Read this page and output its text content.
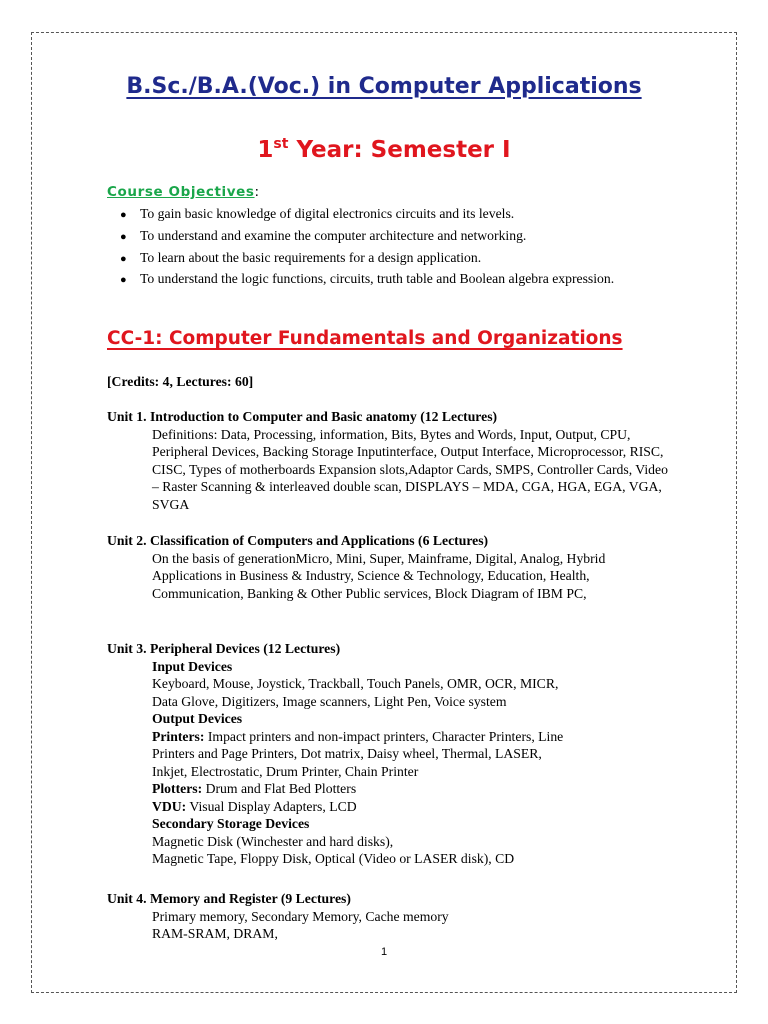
B.Sc./B.A.(Voc.) in Computer Applications
1st Year: Semester I
Course Objectives:
● To gain basic knowledge of digital electronics circuits and its levels.
● To understand and examine the computer architecture and networking.
● To learn about the basic requirements for a design application.
● To understand the logic functions, circuits, truth table and Boolean algebra expression.
CC-1: Computer Fundamentals and Organizations
[Credits: 4, Lectures: 60]
Unit 1. Introduction to Computer and Basic anatomy (12 Lectures)
Definitions: Data, Processing, information, Bits, Bytes and Words, Input, Output, CPU,
Peripheral Devices, Backing Storage Inputinterface, Output Interface, Microprocessor, RISC,
CISC, Types of motherboards Expansion slots,Adaptor Cards, SMPS, Controller Cards, Video
– Raster Scanning & interleaved double scan, DISPLAYS – MDA, CGA, HGA, EGA, VGA,
SVGA
Unit 2. Classification of Computers and Applications (6 Lectures)
On the basis of generationMicro, Mini, Super, Mainframe, Digital, Analog, Hybrid
Applications in Business & Industry, Science & Technology, Education, Health,
Communication, Banking & Other Public services, Block Diagram of IBM PC,
Unit 3. Peripheral Devices (12 Lectures)
Input Devices
Keyboard, Mouse, Joystick, Trackball, Touch Panels, OMR, OCR, MICR,
Data Glove, Digitizers, Image scanners, Light Pen, Voice system
Output Devices
Printers: Impact printers and non-impact printers, Character Printers, Line
Printers and Page Printers, Dot matrix, Daisy wheel, Thermal, LASER,
Inkjet, Electrostatic, Drum Printer, Chain Printer
Plotters: Drum and Flat Bed Plotters
VDU: Visual Display Adapters, LCD
Secondary Storage Devices
Magnetic Disk (Winchester and hard disks),
Magnetic Tape, Floppy Disk, Optical (Video or LASER disk), CD
Unit 4. Memory and Register (9 Lectures)
Primary memory, Secondary Memory, Cache memory
RAM-SRAM, DRAM,
1
